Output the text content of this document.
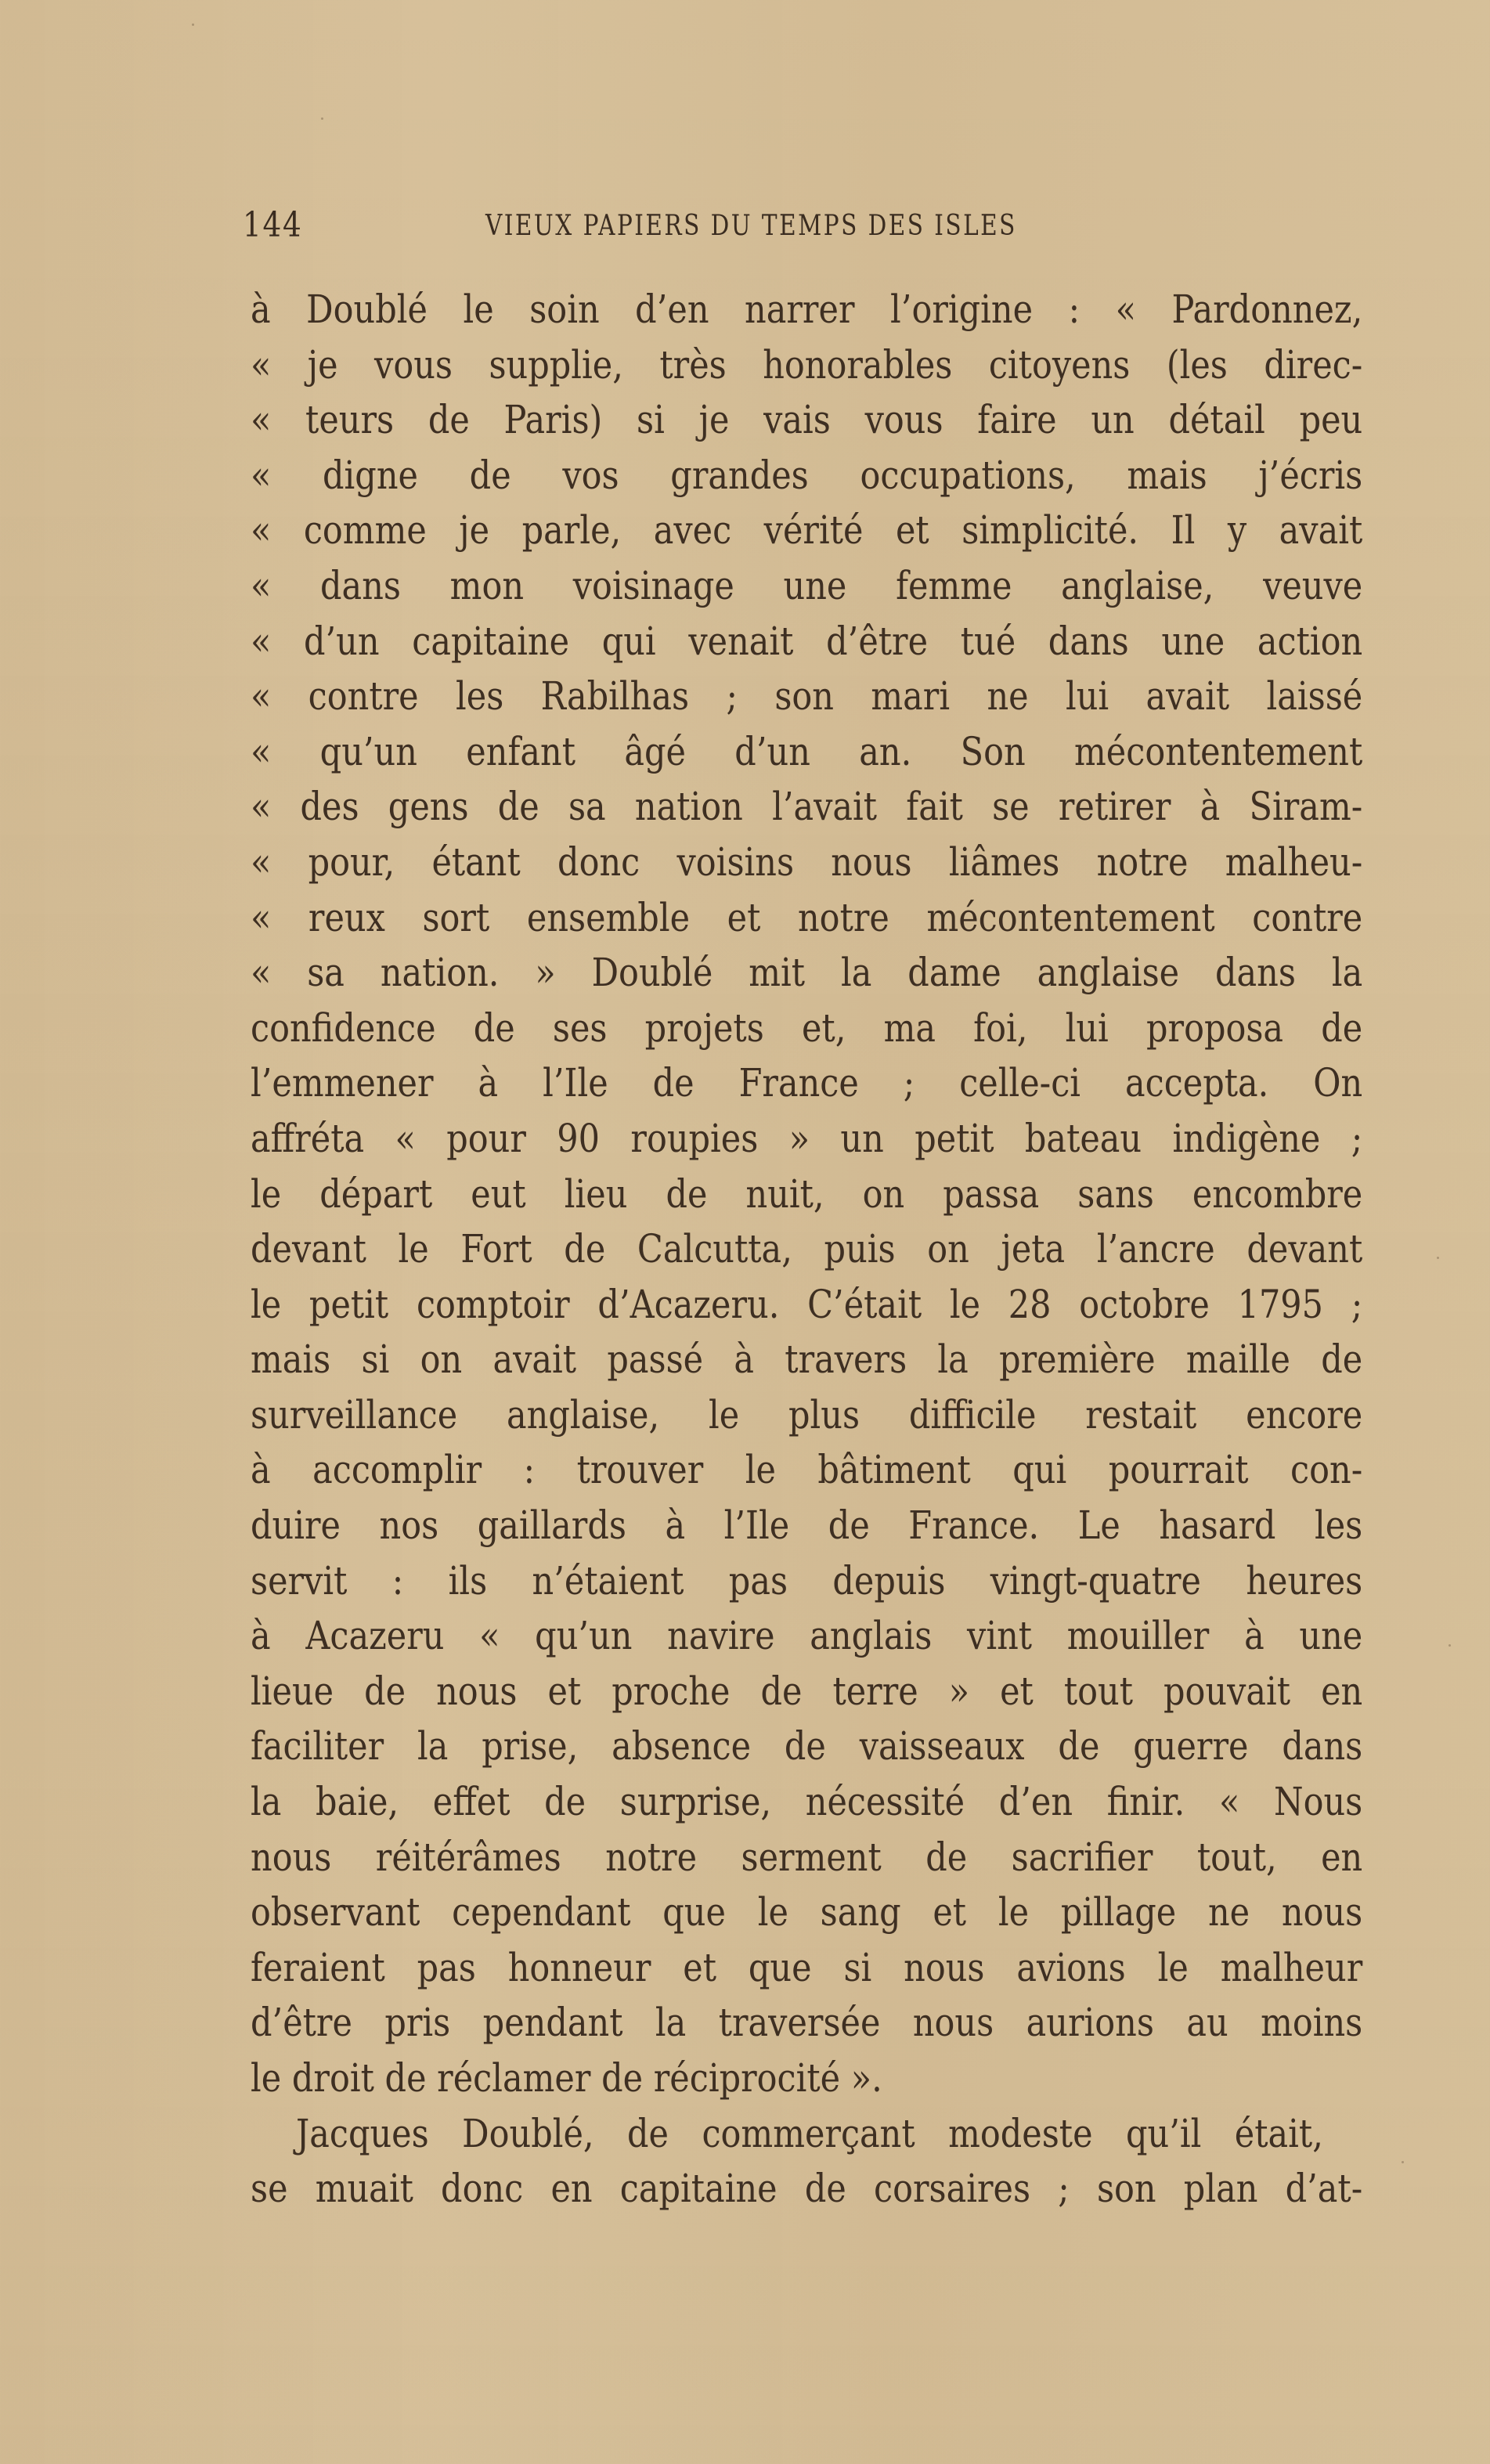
144	VIEUX PAPIERS DU TEMPS DES ISLES
à Doublé le soin d’en narrer l’origine : « Pardonnez,
« je vous supplie, très honorables citoyens (les direc-
« teurs de Paris) si je vais vous faire un détail peu
« digne de vos grandes occupations, mais j’écris
« comme je parle, avec vérité et simplicité. Il y avait
« dans mon voisinage une femme anglaise, veuve
« d’un capitaine qui venait d’être tué dans une action
« contre les Rabilhas ; son mari ne lui avait laissé
« qu’un enfant âgé d’un an. Son mécontentement
« des gens de sa nation l’avait fait se retirer à Siram-
« pour, étant donc voisins nous liâmes notre malheu-
« reux sort ensemble et notre mécontentement contre
« sa nation. » Doublé mit la dame anglaise dans la
confidence de ses projets et, ma foi, lui proposa de
l’emmener à l’Ile de France ; celle-ci accepta. On
affréta « pour 90 roupies » un petit bateau indigène ;
le départ eut lieu de nuit, on passa sans encombre
devant le Fort de Calcutta, puis on jeta l’ancre devant
le petit comptoir d’Acazeru. C’était le 28 octobre 1795 ;
mais si on avait passé à travers la première maille de
surveillance anglaise, le plus difficile restait encore
à accomplir : trouver le bâtiment qui pourrait con-
duire nos gaillards à l’Ile de France. Le hasard les
servit : ils n’étaient pas depuis vingt-quatre heures
à Acazeru « qu’un navire anglais vint mouiller à une
lieue de nous et proche de terre » et tout pouvait en
faciliter la prise, absence de vaisseaux de guerre dans
la baie, effet de surprise, nécessité d’en finir. « Nous
nous réitérâmes notre serment de sacrifier tout, en
observant cependant que le sang et le pillage ne nous
feraient pas honneur et que si nous avions le malheur
d’être pris pendant la traversée nous aurions au moins
le droit de réclamer de réciprocité ».
Jacques Doublé, de commerçant modeste qu’il était,
se muait donc en capitaine de corsaires ; son plan d’at-
